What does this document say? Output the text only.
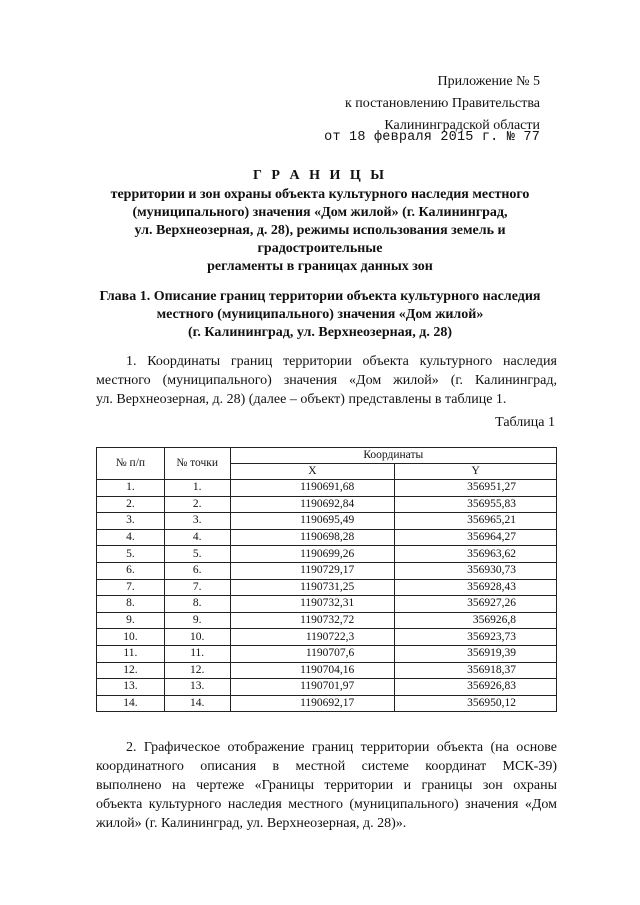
Приложение № 5
к постановлению Правительства
Калининградской области
от 18 февраля 2015 г. № 77
Г Р А Н И Ц Ы
территории и зон охраны объекта культурного наследия местного
(муниципального) значения «Дом жилой» (г. Калининград,
ул. Верхнеозерная, д. 28), режимы использования земель и
градостроительные
регламенты в границах данных зон
Глава 1. Описание границ территории объекта культурного наследия
местного (муниципального) значения «Дом жилой»
(г. Калининград, ул. Верхнеозерная, д. 28)
1. Координаты границ территории объекта культурного наследия
местного (муниципального) значения «Дом жилой» (г. Калининград,
ул. Верхнеозерная, д. 28) (далее – объект) представлены в таблице 1.
Таблица 1
№ п/п	№ точки	Координаты	
		X	Y
1.	1.	1190691,68	356951,27
2.	2.	1190692,84	356955,83
3.	3.	1190695,49	356965,21
4.	4.	1190698,28	356964,27
5.	5.	1190699,26	356963,62
6.	6.	1190729,17	356930,73
7.	7.	1190731,25	356928,43
8.	8.	1190732,31	356927,26
9.	9.	1190732,72	356926,8
10.	10.	1190722,3	356923,73
11.	11.	1190707,6	356919,39
12.	12.	1190704,16	356918,37
13.	13.	1190701,97	356926,83
14.	14.	1190692,17	356950,12
2. Графическое отображение границ территории объекта (на основе
координатного описания в местной системе координат МСК-39)
выполнено на чертеже «Границы территории и границы зон охраны
объекта культурного наследия местного (муниципального) значения «Дом
жилой» (г. Калининград, ул. Верхнеозерная, д. 28)».
